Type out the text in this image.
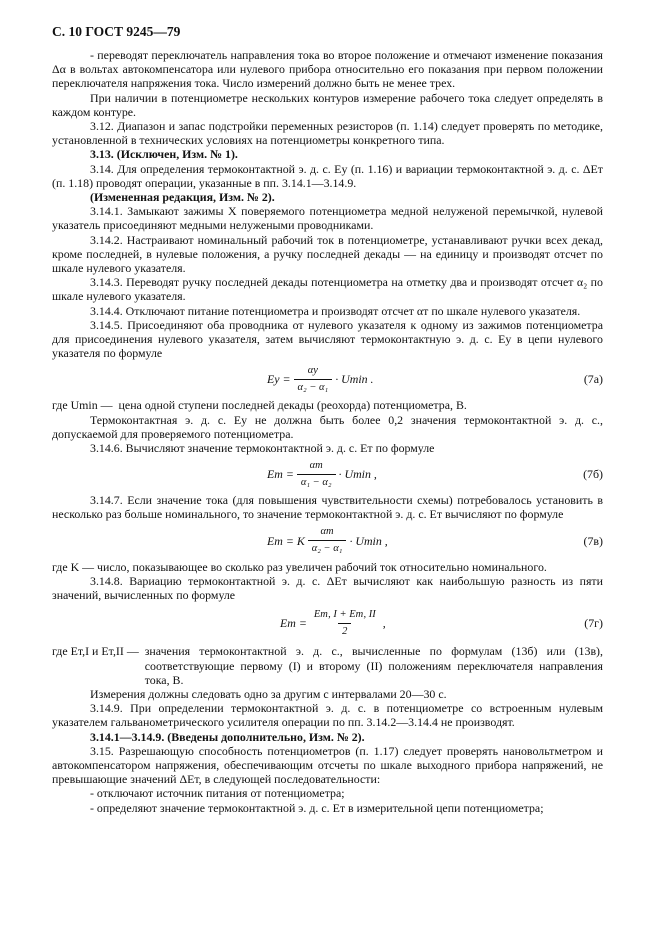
С. 10 ГОСТ 9245—79

- переводят переключатель направления тока во второе положение и отмечают изменение показания Δα в вольтах автокомпенсатора или нулевого прибора относительно его показания при первом положении переключателя напряжения тока. Число измерений должно быть не менее трех.

При наличии в потенциометре нескольких контуров измерение рабочего тока следует определять в каждом контуре.

3.12. Диапазон и запас подстройки переменных резисторов (п. 1.14) следует проверять по методике, установленной в технических условиях на потенциометры конкретного типа.

3.13. (Исключен, Изм. № 1).

3.14. Для определения термоконтактной э. д. с. Eу (п. 1.16) и вариации термоконтактной э. д. с. ΔEт (п. 1.18) проводят операции, указанные в пп. 3.14.1—3.14.9.

(Измененная редакция, Изм. № 2).

3.14.1. Замыкают зажимы X поверяемого потенциометра медной нелуженой перемычкой, нулевой указатель присоединяют медными нелужеными проводниками.

3.14.2. Настраивают номинальный рабочий ток в потенциометре, устанавливают ручки всех декад, кроме последней, в нулевые положения, а ручку последней декады — на единицу и производят отсчет по шкале нулевого указателя.

3.14.3. Переводят ручку последней декады потенциометра на отметку два и производят отсчет α₂ по шкале нулевого указателя.

3.14.4. Отключают питание потенциометра и производят отсчет αт по шкале нулевого указателя.

3.14.5. Присоединяют оба проводника от нулевого указателя к одному из зажимов потенциометра для присоединения нулевого указателя, затем вычисляют термоконтактную э. д. с. Eу в цепи нулевого указателя по формуле

Eу = $\frac{\alpha у}{\text{α₂ − α₁}} \cdot Umin$ .	(7а)
где Umin — цена одной ступени последней декады (реохорда) потенциометра, В.

Термоконтактная э. д. с. Eу не должна быть более 0,2 значения термоконтактной э. д. с., допускаемой для проверяемого потенциометра.

3.14.6. Вычисляют значение термоконтактной э. д. с. Eт по формуле

Eт = $\frac{\alpha т}{\text{α₁ − α₂}} \cdot Umin$ ,	(7б)

3.14.7. Если значение тока (для повышения чувствительности схемы) потребовалось установить в несколько раз больше номинального, то значение термоконтактной э. д. с. Eт вычисляют по формуле

Eт = K $\frac{\alpha т}{\text{α₂ − α₁}} \cdot Umin$ ,	(7в)

где K — число, показывающее во сколько раз увеличен рабочий ток относительно номинального.

3.14.8. Вариацию термоконтактной э. д. с. ΔEт вычисляют как наибольшую разность из пяти значений, вычисленных по формуле

Eт = $\frac{Eт, I + Eт, II}{2}$ ,	(7г)
где Eт,I и Eт,II — значения термоконтактной э. д. с., вычисленные по формулам (13б) или (13в), соответствующие первому (I) и второму (II) положениям переключателя направления тока, В.

Измерения должны следовать одно за другим с интервалами 20—30 с.

3.14.9. При определении термоконтактной э. д. с. в потенциометре со встроенным нулевым указателем гальванометрического усилителя операции по пп. 3.14.2—3.14.4 не производят.

3.14.1—3.14.9. (Введены дополнительно, Изм. № 2).

3.15. Разрешающую способность потенциометров (п. 1.17) следует проверять нановольтметром и автокомпенсатором напряжения, обеспечивающим отсчеты по шкале выходного прибора напряжений, не превышающие значений ΔEт, в следующей последовательности:

- отключают источник питания от потенциометра;

- определяют значение термоконтактной э. д. с. Eт в измерительной цепи потенциометра;
